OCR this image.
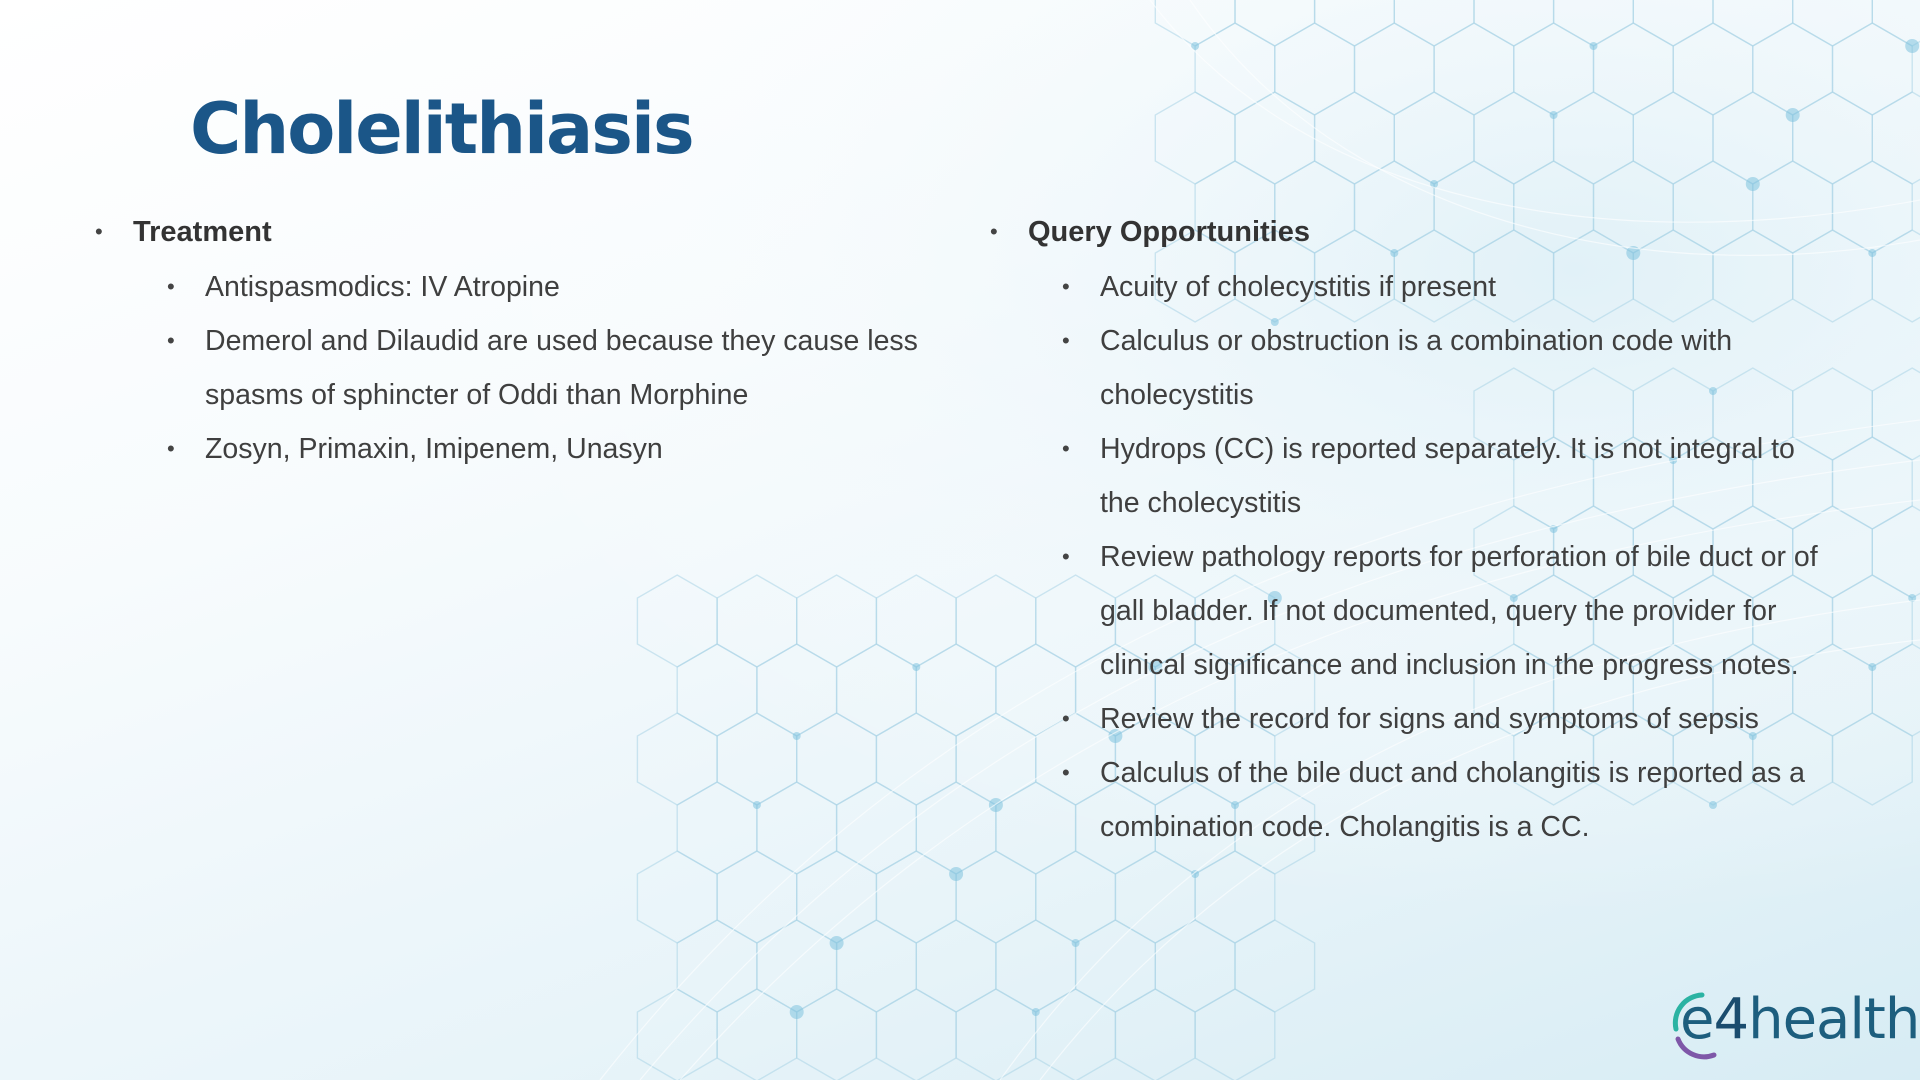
Cholelithiasis
• Treatment
• Antispasmodics: IV Atropine
• Demerol and Dilaudid are used because they cause less spasms of sphincter of Oddi than Morphine
• Zosyn, Primaxin, Imipenem, Unasyn
• Query Opportunities
• Acuity of cholecystitis if present
• Calculus or obstruction is a combination code with cholecystitis
• Hydrops (CC) is reported separately. It is not integral to the cholecystitis
• Review pathology reports for perforation of bile duct or of gall bladder. If not documented, query the provider for clinical significance and inclusion in the progress notes.
• Review the record for signs and symptoms of sepsis
• Calculus of the bile duct and cholangitis is reported as a combination code. Cholangitis is a CC.
e4health
